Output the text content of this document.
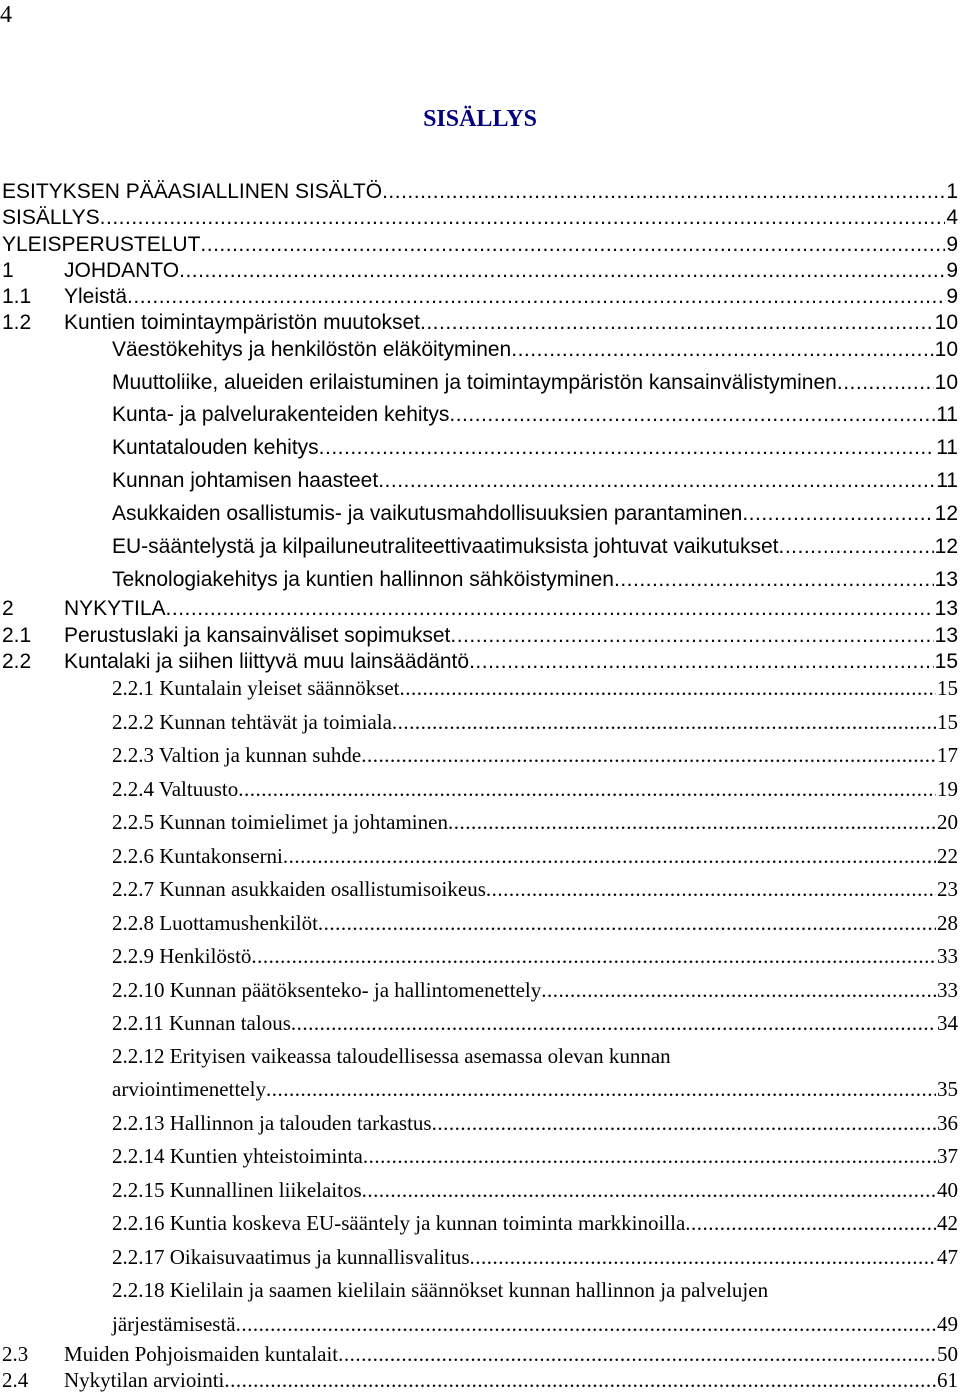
4
SISÄLLYS
ESITYKSEN PÄÄASIALLINEN SISÄLTÖ .....	1
SISÄLLYS .....	4
YLEISPERUSTELUT .....	9
1	JOHDANTO .....	9
1.1	Yleistä .....	9
1.2	Kuntien toimintaympäristön muutokset .....	10
Väestökehitys ja henkilöstön eläköityminen .....	10
Muuttoliike, alueiden erilaistuminen ja toimintaympäristön kansainvälistyminen .....	10
Kunta- ja palvelurakenteiden kehitys .....	11
Kuntatalouden kehitys .....	11
Kunnan johtamisen haasteet .....	11
Asukkaiden osallistumis- ja vaikutusmahdollisuuksien parantaminen .....	12
EU-sääntelystä ja kilpailuneutraliteettivaatimuksista johtuvat vaikutukset .....	12
Teknologiakehitys ja kuntien hallinnon sähköistyminen .....	13
2	NYKYTILA .....	13
2.1	Perustuslaki ja kansainväliset sopimukset .....	13
2.2	Kuntalaki ja siihen liittyvä muu lainsäädäntö .....	15
2.2.1 Kuntalain yleiset säännökset .....	15
2.2.2 Kunnan tehtävät ja toimiala .....	15
2.2.3 Valtion ja kunnan suhde .....	17
2.2.4 Valtuusto .....	19
2.2.5 Kunnan toimielimet ja johtaminen .....	20
2.2.6 Kuntakonserni .....	22
2.2.7 Kunnan asukkaiden osallistumisoikeus .....	23
2.2.8 Luottamushenkilöt .....	28
2.2.9 Henkilöstö .....	33
2.2.10 Kunnan päätöksenteko- ja hallintomenettely .....	33
2.2.11 Kunnan talous .....	34
2.2.12 Erityisen vaikeassa taloudellisessa asemassa olevan kunnan
arviointimenettely .....	35
2.2.13 Hallinnon ja talouden tarkastus .....	36
2.2.14 Kuntien yhteistoiminta .....	37
2.2.15 Kunnallinen liikelaitos .....	40
2.2.16 Kuntia koskeva EU-sääntely ja kunnan toiminta markkinoilla .....	42
2.2.17 Oikaisuvaatimus ja kunnallisvalitus .....	47
2.2.18 Kielilain ja saamen kielilain säännökset kunnan hallinnon ja palvelujen
järjestämisestä .....	49
2.3	Muiden Pohjoismaiden kuntalait .....	50
2.4	Nykytilan arviointi .....	61
